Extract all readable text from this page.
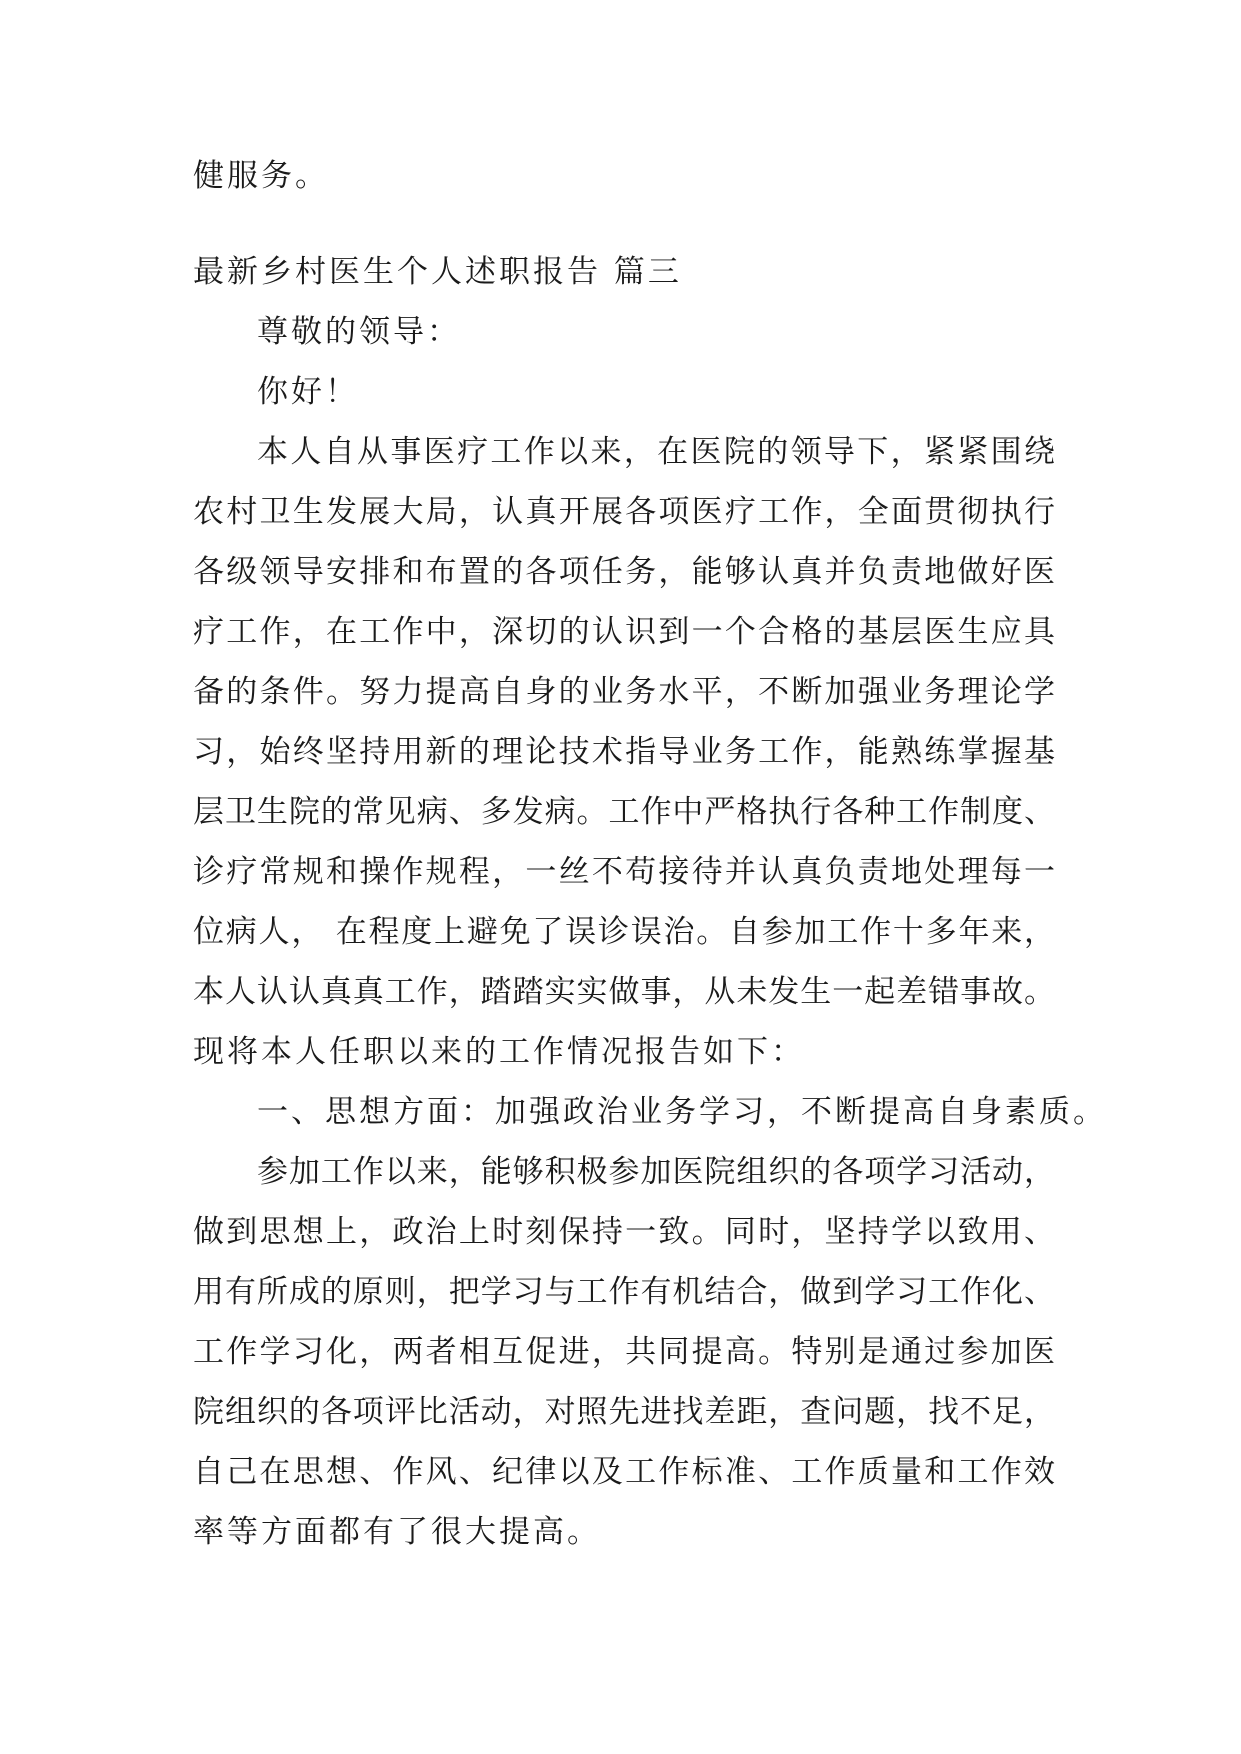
健服务。
最新乡村医生个人述职报告 篇三
尊敬的领导：
你好！
本人自从事医疗工作以来，在医院的领导下，紧紧围绕
农村卫生发展大局，认真开展各项医疗工作，全面贯彻执行
各级领导安排和布置的各项任务，能够认真并负责地做好医
疗工作，在工作中，深切的认识到一个合格的基层医生应具
备的条件。努力提高自身的业务水平，不断加强业务理论学
习，始终坚持用新的理论技术指导业务工作，能熟练掌握基
层卫生院的常见病、多发病。工作中严格执行各种工作制度、
诊疗常规和操作规程，一丝不苟接待并认真负责地处理每一
位病人， 在程度上避免了误诊误治。自参加工作十多年来，
本人认认真真工作，踏踏实实做事，从未发生一起差错事故。
现将本人任职以来的工作情况报告如下：
一、思想方面：加强政治业务学习，不断提高自身素质。
参加工作以来，能够积极参加医院组织的各项学习活动，
做到思想上，政治上时刻保持一致。同时，坚持学以致用、
用有所成的原则，把学习与工作有机结合，做到学习工作化、
工作学习化，两者相互促进，共同提高。特别是通过参加医
院组织的各项评比活动，对照先进找差距，查问题，找不足，
自己在思想、作风、纪律以及工作标准、工作质量和工作效
率等方面都有了很大提高。
